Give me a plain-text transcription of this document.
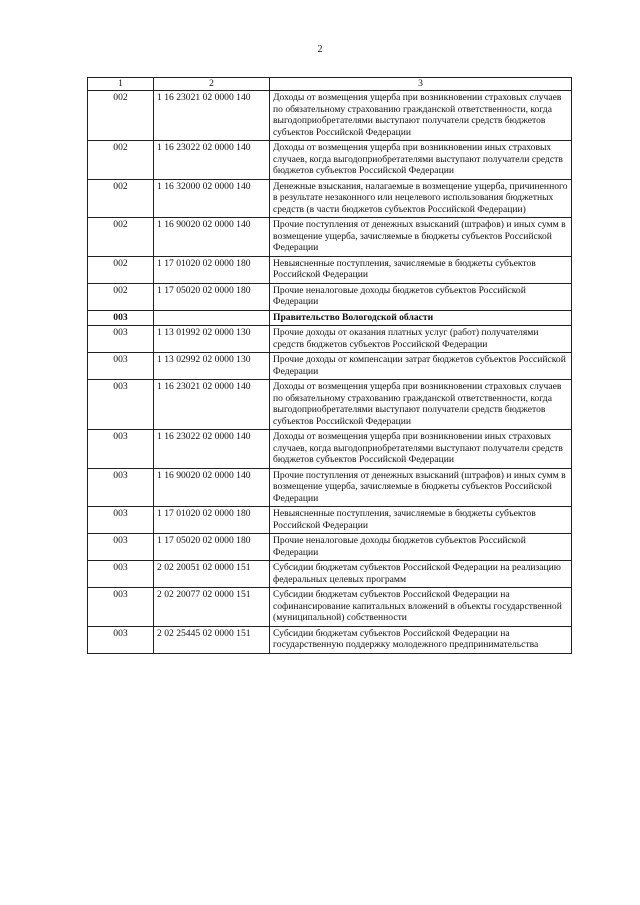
2
1	2	3
002	1 16 23021 02 0000 140	Доходы от возмещения ущерба при возникновении страховых случаев по обязательному страхованию гражданской ответственности, когда выгодоприобретателями выступают получатели средств бюджетов субъектов Российской Федерации
002	1 16 23022 02 0000 140	Доходы от возмещения ущерба при возникновении иных страховых случаев, когда выгодоприобретателями выступают получатели средств бюджетов субъектов Российской Федерации
002	1 16 32000 02 0000 140	Денежные взыскания, налагаемые в возмещение ущерба, причиненного в результате незаконного или нецелевого использования бюджетных средств (в части бюджетов субъектов Российской Федерации)
002	1 16 90020 02 0000 140	Прочие поступления от денежных взысканий (штрафов) и иных сумм в возмещение ущерба, зачисляемые в бюджеты субъектов Российской Федерации
002	1 17 01020 02 0000 180	Невыясненные поступления, зачисляемые в бюджеты субъектов Российской Федерации
002	1 17 05020 02 0000 180	Прочие неналоговые доходы бюджетов субъектов Российской Федерации
003		Правительство Вологодской области
003	1 13 01992 02 0000 130	Прочие доходы от оказания платных услуг (работ) получателями средств бюджетов субъектов Российской Федерации
003	1 13 02992 02 0000 130	Прочие доходы от компенсации затрат бюджетов субъектов Российской Федерации
003	1 16 23021 02 0000 140	Доходы от возмещения ущерба при возникновении страховых случаев по обязательному страхованию гражданской ответственности, когда выгодоприобретателями выступают получатели средств бюджетов субъектов Российской Федерации
003	1 16 23022 02 0000 140	Доходы от возмещения ущерба при возникновении иных страховых случаев, когда выгодоприобретателями выступают получатели средств бюджетов субъектов Российской Федерации
003	1 16 90020 02 0000 140	Прочие поступления от денежных взысканий (штрафов) и иных сумм в возмещение ущерба, зачисляемые в бюджеты субъектов Российской Федерации
003	1 17 01020 02 0000 180	Невыясненные поступления, зачисляемые в бюджеты субъектов Российской Федерации
003	1 17 05020 02 0000 180	Прочие неналоговые доходы бюджетов субъектов Российской Федерации
003	2 02 20051 02 0000 151	Субсидии бюджетам субъектов Российской Федерации на реализацию федеральных целевых программ
003	2 02 20077 02 0000 151	Субсидии бюджетам субъектов Российской Федерации на софинансирование капитальных вложений в объекты государственной (муниципальной) собственности
003	2 02 25445 02 0000 151	Субсидии бюджетам субъектов Российской Федерации на государственную поддержку молодежного предпринимательства
